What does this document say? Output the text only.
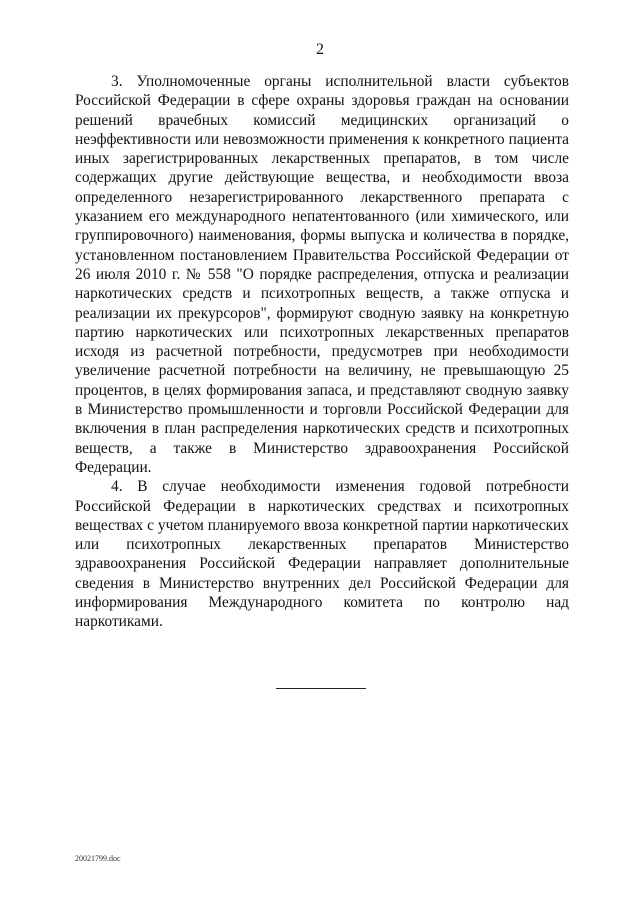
2

3. Уполномоченные органы исполнительной власти субъектов Российской Федерации в сфере охраны здоровья граждан на основании решений врачебных комиссий медицинских организаций о неэффективности или невозможности применения к конкретного пациента иных зарегистрированных лекарственных препаратов, в том числе содержащих другие действующие вещества, и необходимости ввоза определенного незарегистрированного лекарственного препарата с указанием его международного непатентованного (или химического, или группировочного) наименования, формы выпуска и количества в порядке, установленном постановлением Правительства Российской Федерации от 26 июля 2010 г. № 558 "О порядке распределения, отпуска и реализации наркотических средств и психотропных веществ, а также отпуска и реализации их прекурсоров", формируют сводную заявку на конкретную партию наркотических или психотропных лекарственных препаратов исходя из расчетной потребности, предусмотрев при необходимости увеличение расчетной потребности на величину, не превышающую 25 процентов, в целях формирования запаса, и представляют сводную заявку в Министерство промышленности и торговли Российской Федерации для включения в план распределения наркотических средств и психотропных веществ, а также в Министерство здравоохранения Российской Федерации.

4. В случае необходимости изменения годовой потребности Российской Федерации в наркотических средствах и психотропных веществах с учетом планируемого ввоза конкретной партии наркотических или психотропных лекарственных препаратов Министерство здравоохранения Российской Федерации направляет дополнительные сведения в Министерство внутренних дел Российской Федерации для информирования Международного комитета по контролю над наркотиками.

20021799.doc
